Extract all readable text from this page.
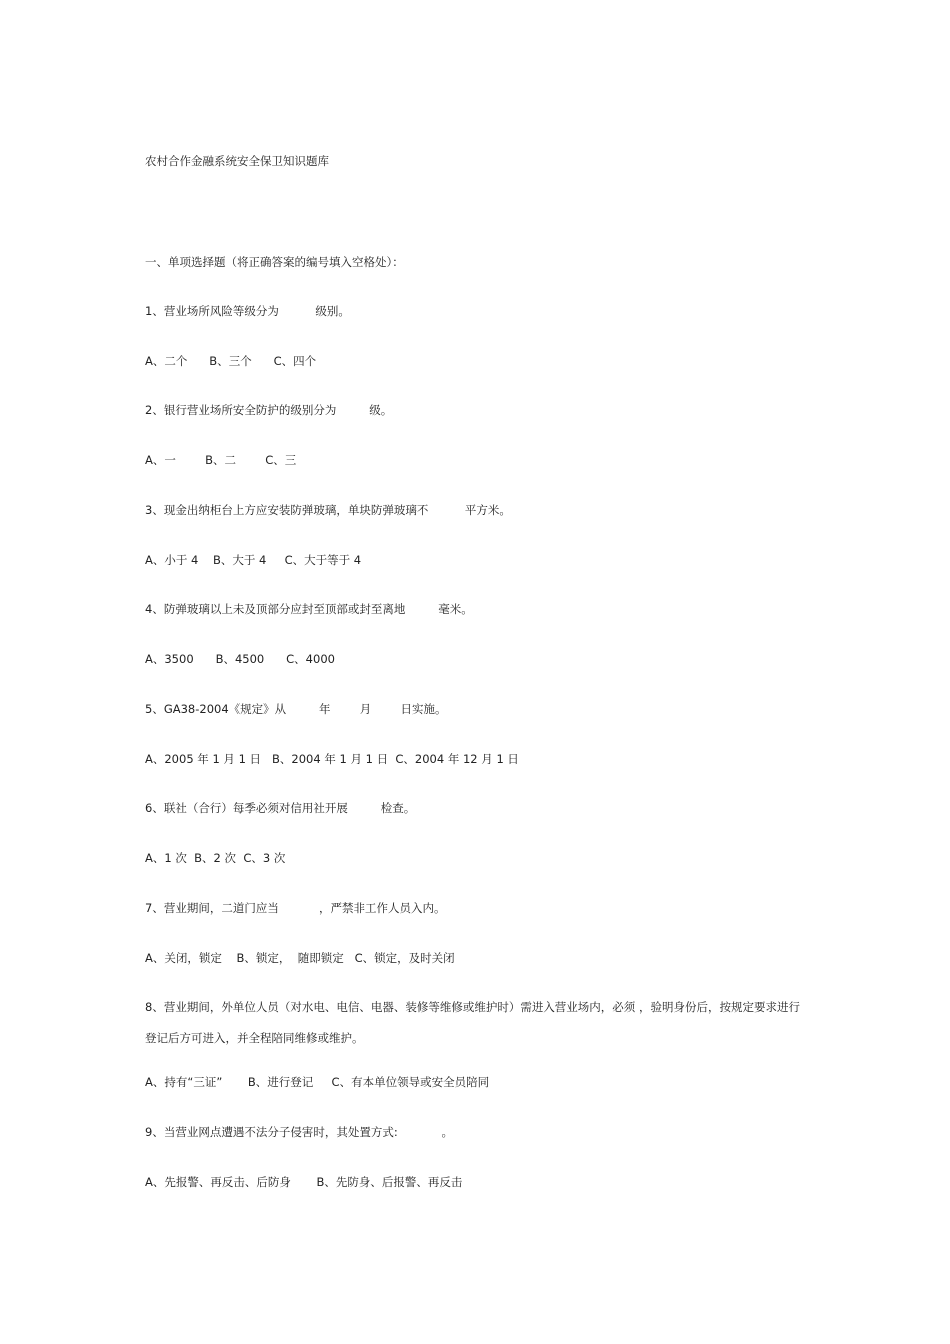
农村合作金融系统安全保卫知识题库

一、单项选择题（将正确答案的编号填入空格处）：

1、营业场所风险等级分为          级别。

A、二个      B、三个      C、四个

2、银行营业场所安全防护的级别分为         级。

A、一        B、二        C、三

3、现金出纳柜台上方应安装防弹玻璃，单块防弹玻璃不          平方米。

A、小于 4    B、大于 4     C、大于等于 4

4、防弹玻璃以上未及顶部分应封至顶部或封至离地         毫米。

A、3500      B、4500      C、4000

5、GA38-2004《规定》从         年        月        日实施。

A、2005 年 1 月 1 日   B、2004 年 1 月 1 日  C、2004 年 12 月 1 日

6、联社（合行）每季必须对信用社开展         检查。

A、1 次  B、2 次  C、3 次

7、营业期间，二道门应当           ，严禁非工作人员入内。

A、关闭，锁定    B、锁定，  随即锁定   C、锁定，及时关闭

8、营业期间，外单位人员（对水电、电信、电器、装修等维修或维护时）需进入营业场内，必须 ，验明身份后，按规定要求进行登记后方可进入，并全程陪同维修或维护。

A、持有“三证”       B、进行登记     C、有本单位领导或安全员陪同

9、当营业网点遭遇不法分子侵害时，其处置方式:            。

A、先报警、再反击、后防身       B、先防身、后报警、再反击
